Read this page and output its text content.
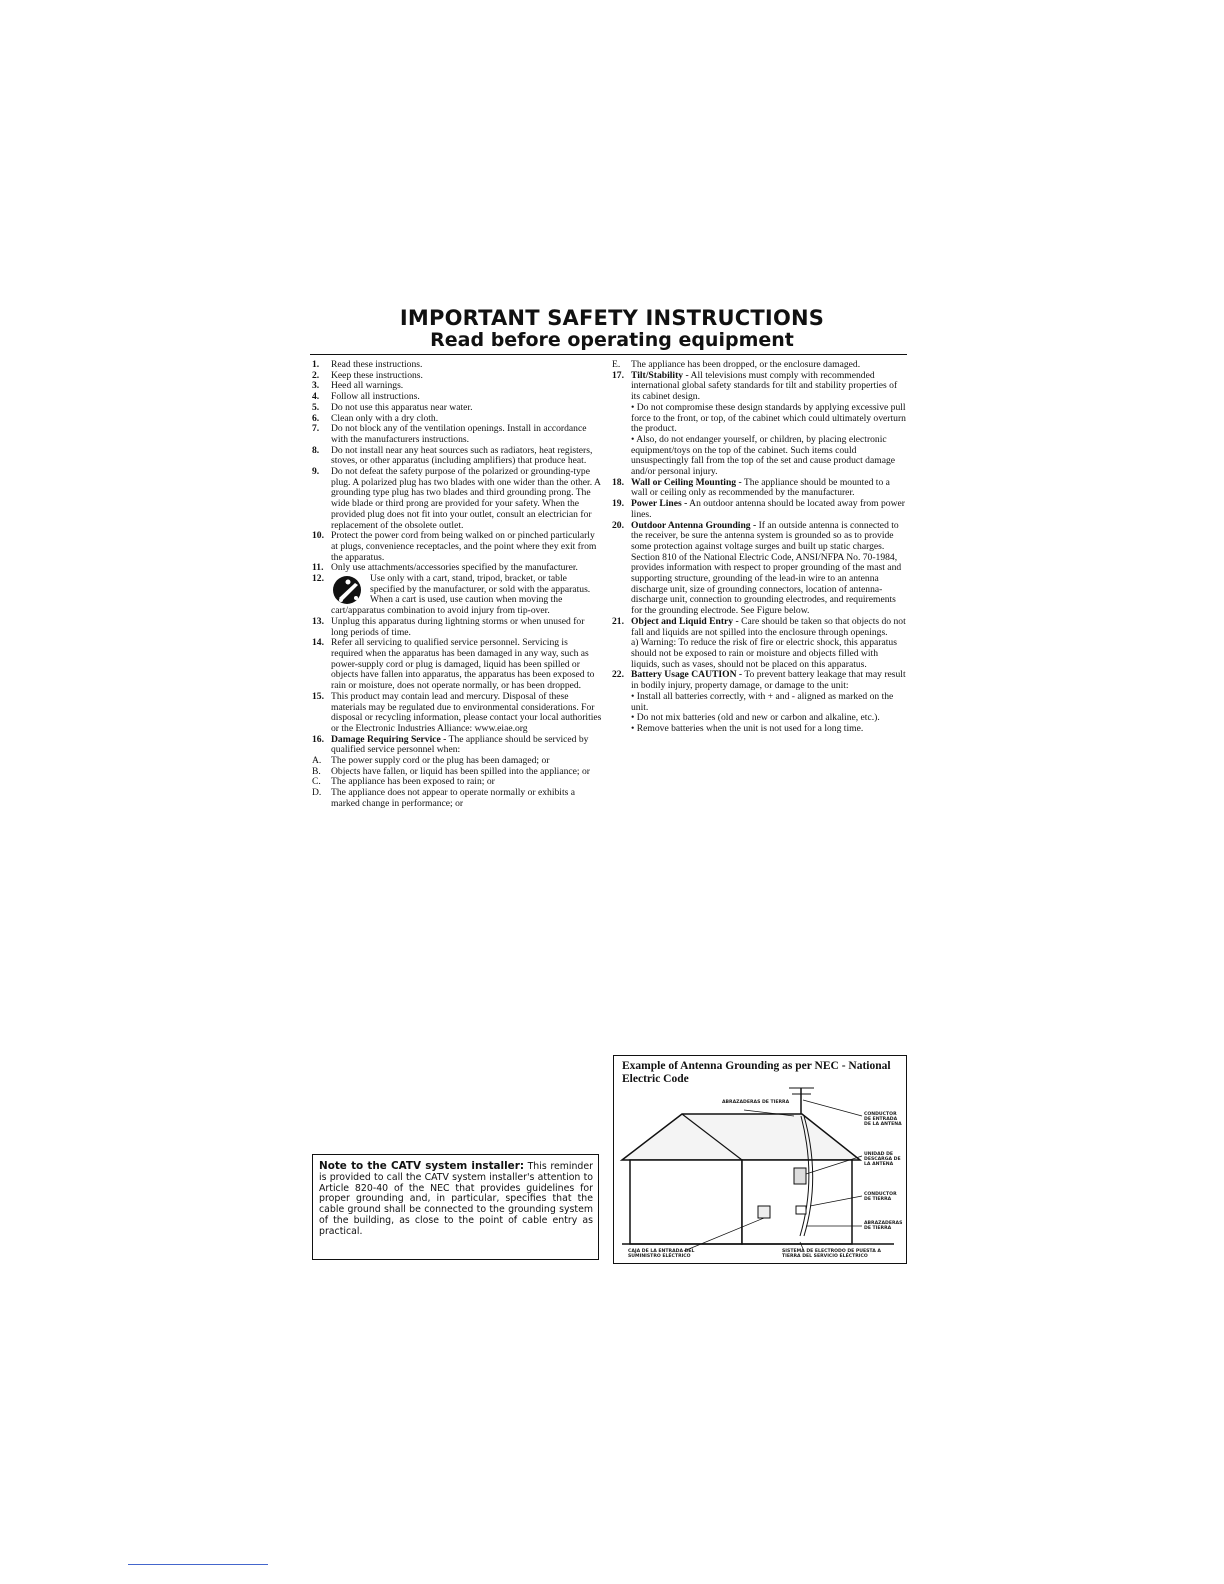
IMPORTANT SAFETY INSTRUCTIONS
Read before operating equipment
1. Read these instructions.

2. Keep these instructions.

3. Heed all warnings.

4. Follow all instructions.

5. Do not use this apparatus near water.

6. Clean only with a dry cloth.

7. Do not block any of the ventilation openings. Install in accordance with the manufacturers instructions.

8. Do not install near any heat sources such as radiators, heat registers, stoves, or other apparatus (including amplifiers) that produce heat.

9. Do not defeat the safety purpose of the polarized or grounding-type plug. A polarized plug has two blades with one wider than the other. A grounding type plug has two blades and third grounding prong. The wide blade or third prong are provided for your safety. When the provided plug does not fit into your outlet, consult an electrician for replacement of the obsolete outlet.

10. Protect the power cord from being walked on or pinched particularly at plugs, convenience receptacles, and the point where they exit from the apparatus.

11. Only use attachments/accessories specified by the manufacturer.

12.	Use only with a cart, stand, tripod, bracket, or table specified by the manufacturer, or sold with the apparatus. When a cart is used, use caution when moving the cart/apparatus combination to avoid injury from tip-over.

13. Unplug this apparatus during lightning storms or when unused for long periods of time.

14. Refer all servicing to qualified service personnel. Servicing is required when the apparatus has been damaged in any way, such as power-supply cord or plug is damaged, liquid has been spilled or objects have fallen into apparatus, the apparatus has been exposed to rain or moisture, does not operate normally, or has been dropped.

15. This product may contain lead and mercury. Disposal of these materials may be regulated due to environmental considerations. For disposal or recycling information, please contact your local authorities or the Electronic Industries Alliance: www.eiae.org

16. Damage Requiring Service - The appliance should be serviced by qualified service personnel when:

A. The power supply cord or the plug has been damaged; or

B. Objects have fallen, or liquid has been spilled into the appliance; or

C. The appliance has been exposed to rain; or

D. The appliance does not appear to operate normally or exhibits a marked change in performance; or

Note to the CATV system installer: This reminder is provided to call the CATV system installer's attention to Article 820-40 of the NEC that provides guidelines for proper grounding and, in particular, specifies that the cable ground shall be connected to the grounding system of the building, as close to the point of cable entry as practical.
E. The appliance has been dropped, or the enclosure damaged.

17. Tilt/Stability - All televisions must comply with recommended international global safety standards for tilt and stability properties of its cabinet design.

• Do not compromise these design standards by applying excessive pull force to the front, or top, of the cabinet which could ultimately overturn the product.

• Also, do not endanger yourself, or children, by placing electronic equipment/toys on the top of the cabinet. Such items could unsuspectingly fall from the top of the set and cause product damage and/or personal injury.

18. Wall or Ceiling Mounting - The appliance should be mounted to a wall or ceiling only as recommended by the manufacturer.

19. Power Lines - An outdoor antenna should be located away from power lines.

20. Outdoor Antenna Grounding - If an outside antenna is connected to the receiver, be sure the antenna system is grounded so as to provide some protection against voltage surges and built up static charges.

Section 810 of the National Electric Code, ANSI/NFPA No. 70-1984, provides information with respect to proper grounding of the mast and supporting structure, grounding of the lead-in wire to an antenna discharge unit, size of grounding connectors, location of antenna-discharge unit, connection to grounding electrodes, and requirements for the grounding electrode. See Figure below.

21. Object and Liquid Entry - Care should be taken so that objects do not fall and liquids are not spilled into the enclosure through openings.

a) Warning: To reduce the risk of fire or electric shock, this apparatus should not be exposed to rain or moisture and objects filled with liquids, such as vases, should not be placed on this apparatus.

22. Battery Usage CAUTION - To prevent battery leakage that may result in bodily injury, property damage, or damage to the unit:

• Install all batteries correctly, with + and - aligned as marked on the unit.

• Do not mix batteries (old and new or carbon and alkaline, etc.).

• Remove batteries when the unit is not used for a long time.

Example of Antenna Grounding as per NEC - National Electric Code
ABRAZADERAS DE TIERRA
CONDUCTOR DE ENTRADA DE LA ANTENA
UNIDAD DE DESCARGA DE LA ANTENA
CONDUCTOR DE TIERRA
ABRAZADERAS DE TIERRA
CAJA DE LA ENTRADA DEL SUMINISTRO ELÉCTRICO
SISTEMA DE ELECTRODO DE PUESTA A TIERRA DEL SERVICIO ELÉCTRICO
